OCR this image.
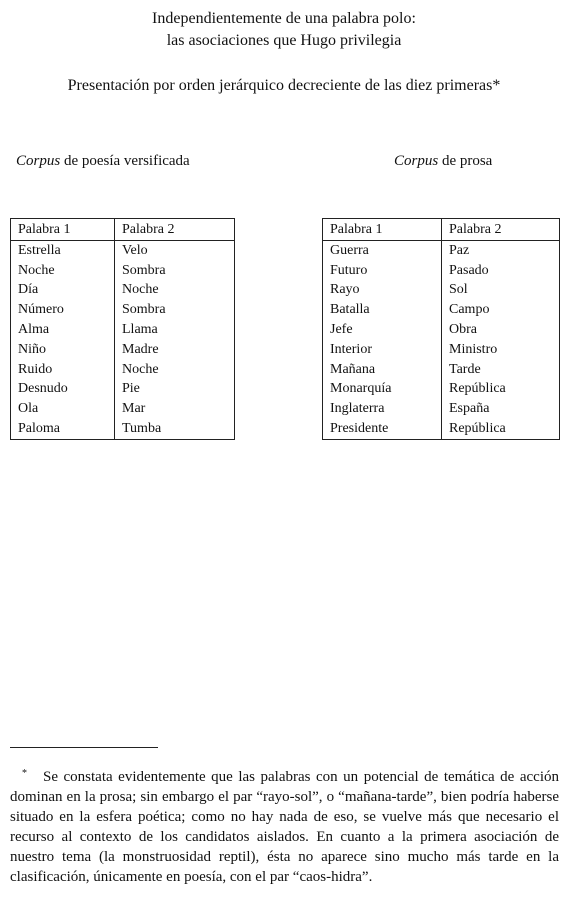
Independientemente de una palabra polo:
las asociaciones que Hugo privilegia
Presentación por orden jerárquico decreciente de las diez primeras*
Corpus de poesía versificada	Corpus de prosa
Palabra 1	Palabra 2
Estrella	Velo
Noche	Sombra
Día	Noche
Número	Sombra
Alma	Llama
Niño	Madre
Ruido	Noche
Desnudo	Pie
Ola	Mar
Paloma	Tumba
Palabra 1	Palabra 2
Guerra	Paz
Futuro	Pasado
Rayo	Sol
Batalla	Campo
Jefe	Obra
Interior	Ministro
Mañana	Tarde
Monarquía	República
Inglaterra	España
Presidente	República
* Se constata evidentemente que las palabras con un potencial de temática de acción dominan en la prosa; sin embargo el par “rayo-sol”, o “mañana-tarde”, bien podría haberse situado en la esfera poética; como no hay nada de eso, se vuelve más que necesario el recurso al contexto de los candidatos aislados. En cuanto a la primera asociación de nuestro tema (la monstruosidad reptil), ésta no aparece sino mucho más tarde en la clasificación, únicamente en poesía, con el par “caos-hidra”.
